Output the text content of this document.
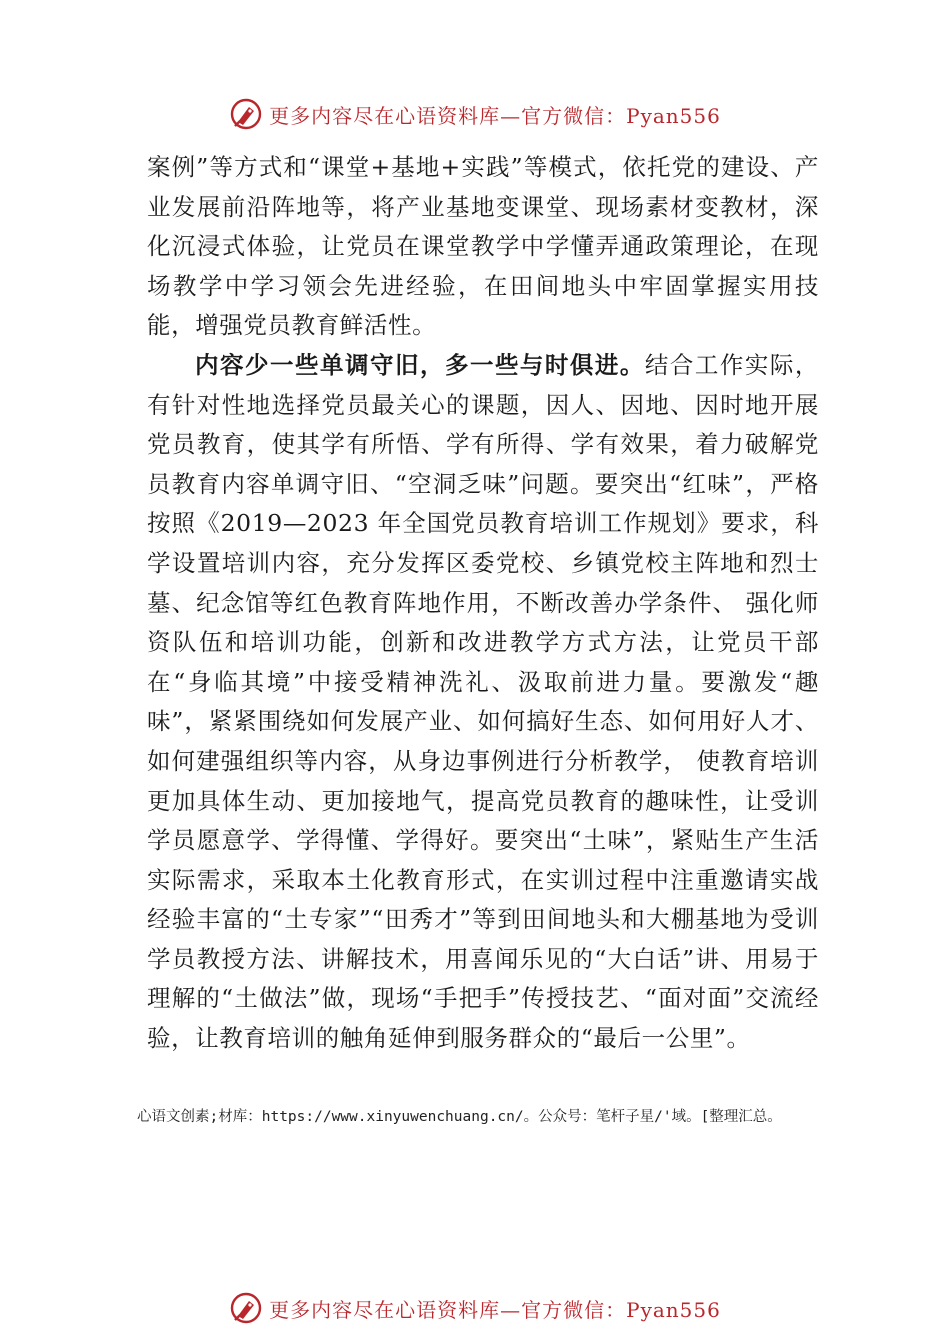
更多内容尽在心语资料库—官方微信：Pyan556

案例”等方式和“课堂+基地+实践”等模式，依托党的建设、产业发展前沿阵地等，将产业基地变课堂、现场素材变教材，深化沉浸式体验，让党员在课堂教学中学懂弄通政策理论，在现场教学中学习领会先进经验，在田间地头中牢固掌握实用技能，增强党员教育鲜活性。

内容少一些单调守旧，多一些与时俱进。结合工作实际，有针对性地选择党员最关心的课题，因人、因地、因时地开展党员教育，使其学有所悟、学有所得、学有效果，着力破解党员教育内容单调守旧、“空洞乏味”问题。要突出“红味”，严格按照《2019—2023 年全国党员教育培训工作规划》要求，科学设置培训内容，充分发挥区委党校、乡镇党校主阵地和烈士墓、纪念馆等红色教育阵地作用，不断改善办学条件、 强化师资队伍和培训功能，创新和改进教学方式方法，让党员干部在“身临其境”中接受精神洗礼、汲取前进力量。要激发“趣味”，紧紧围绕如何发展产业、如何搞好生态、如何用好人才、如何建强组织等内容，从身边事例进行分析教学， 使教育培训更加具体生动、更加接地气，提高党员教育的趣味性，让受训学员愿意学、学得懂、学得好。要突出“土味”，紧贴生产生活实际需求，采取本土化教育形式，在实训过程中注重邀请实战经验丰富的“土专家”“田秀才”等到田间地头和大棚基地为受训学员教授方法、讲解技术，用喜闻乐见的“大白话”讲、用易于理解的“土做法”做，现场“手把手”传授技艺、“面对面”交流经验，让教育培训的触角延伸到服务群众的“最后一公里”。

心语文创素;材库：https://www.xinyuwenchuang.cn/。公众号：笔杆子星/'域。[整理汇总。
更多内容尽在心语资料库—官方微信：Pyan556
